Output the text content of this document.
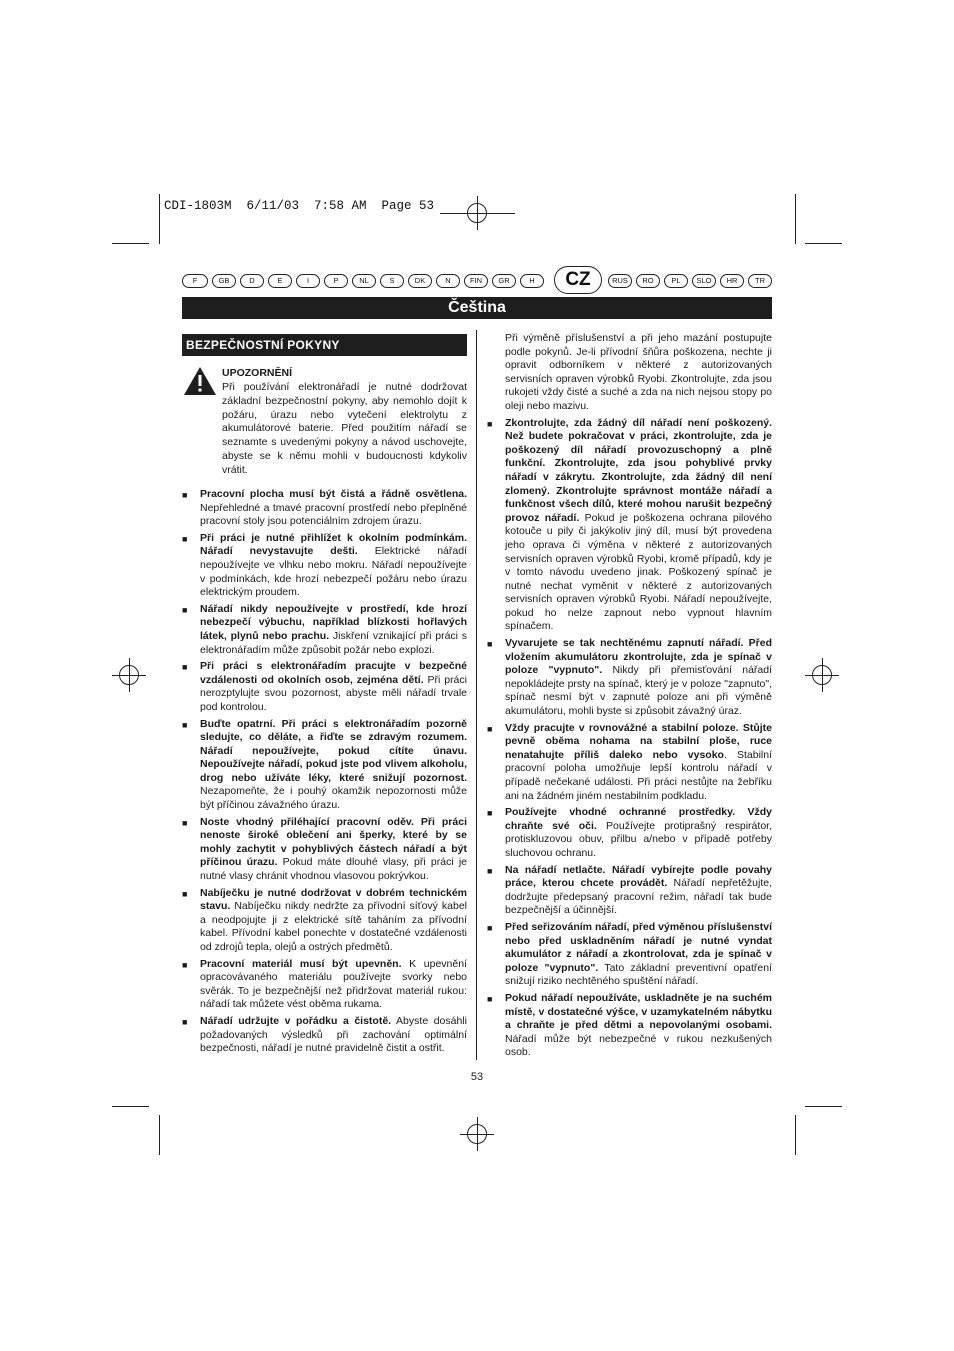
CDI-1803M  6/11/03  7:58 AM  Page 53
F	GB	D	E	I	P	NL	S	DK	N	FIN	GR	H	CZ	RUS	RO	PL	SLO	HR	TR
Čeština
BEZPEČNOSTNÍ POKYNY
UPOZORNĚNÍ
Při používání elektronářadí je nutné dodržovat základní bezpečnostní pokyny, aby nemohlo dojít k požáru, úrazu nebo vytečení elektrolytu z akumulátorové baterie. Před použitím nářadí se seznamte s uvedenými pokyny a návod uschovejte, abyste se k němu mohli v budoucnosti kdykoliv vrátit.
■ Pracovní plocha musí být čistá a řádně osvětlena. Nepřehledné a tmavé pracovní prostředí nebo přeplněné pracovní stoly jsou potenciálním zdrojem úrazu.
■ Při práci je nutné přihlížet k okolním podmínkám. Nářadí nevystavujte dešti. Elektrické nářadí nepoužívejte ve vlhku nebo mokru. Nářadí nepoužívejte v podmínkách, kde hrozí nebezpečí požáru nebo úrazu elektrickým proudem.
■ Nářadí nikdy nepoužívejte v prostředí, kde hrozí nebezpečí výbuchu, například blízkosti hořlavých látek, plynů nebo prachu. Jiskření vznikající při práci s elektronářadím může způsobit požár nebo explozi.
■ Při práci s elektronářadím pracujte v bezpečné vzdálenosti od okolních osob, zejména dětí. Při práci nerozptylujte svou pozornost, abyste měli nářadí trvale pod kontrolou.
■ Buďte opatrní. Při práci s elektronářadím pozorně sledujte, co děláte, a řiďte se zdravým rozumem. Nářadí nepoužívejte, pokud cítíte únavu. Nepoužívejte nářadí, pokud jste pod vlivem alkoholu, drog nebo užíváte léky, které snižují pozornost. Nezapomeňte, že i pouhý okamžik nepozornosti může být příčinou závažného úrazu.
■ Noste vhodný přiléhající pracovní oděv. Při práci nenoste široké oblečení ani šperky, které by se mohly zachytit v pohyblivých částech nářadí a být příčinou úrazu. Pokud máte dlouhé vlasy, při práci je nutné vlasy chránit vhodnou vlasovou pokrývkou.
■ Nabíječku je nutné dodržovat v dobrém technickém stavu. Nabíječku nikdy nedržte za přívodní síťový kabel a neodpojujte ji z elektrické sítě taháním za přívodní kabel. Přívodní kabel ponechte v dostatečné vzdálenosti od zdrojů tepla, olejů a ostrých předmětů.
■ Pracovní materiál musí být upevněn. K upevnění opracovávaného materiálu používejte svorky nebo svěrák. To je bezpečnější než přidržovat materiál rukou: nářadí tak můžete vést oběma rukama.
■ Nářadí udržujte v pořádku a čistotě. Abyste dosáhli požadovaných výsledků při zachování optimální bezpečnosti, nářadí je nutné pravidelně čistit a ostřit.
Při výměně příslušenství a při jeho mazání postupujte podle pokynů. Je-li přívodní šňůra poškozena, nechte ji opravit odborníkem v některé z autorizovaných servisních opraven výrobků Ryobi. Zkontrolujte, zda jsou rukojeti vždy čisté a suché a zda na nich nejsou stopy po oleji nebo mazivu.
■ Zkontrolujte, zda žádný díl nářadí není poškozený. Než budete pokračovat v práci, zkontrolujte, zda je poškozený díl nářadí provozuschopný a plně funkční. Zkontrolujte, zda jsou pohyblivé prvky nářadí v zákrytu. Zkontrolujte, zda žádný díl není zlomený. Zkontrolujte správnost montáže nářadí a funkčnost všech dílů, které mohou narušit bezpečný provoz nářadí. Pokud je poškozena ochrana pilového kotouče u pily či jakýkoliv jiný díl, musí být provedena jeho oprava či výměna v některé z autorizovaných servisních opraven výrobků Ryobi, kromě případů, kdy je v tomto návodu uvedeno jinak. Poškozený spínač je nutné nechat vyměnit v některé z autorizovaných servisních opraven výrobků Ryobi. Nářadí nepoužívejte, pokud ho nelze zapnout nebo vypnout hlavním spínačem.
■ Vyvarujete se tak nechtěnému zapnutí nářadí. Před vložením akumulátoru zkontrolujte, zda je spínač v poloze "vypnuto". Nikdy při přemisťování nářadí nepokládejte prsty na spínač, který je v poloze "zapnuto", spínač nesmí být v zapnuté poloze ani při výměně akumulátoru, mohli byste si způsobit závažný úraz.
■ Vždy pracujte v rovnovážné a stabilní poloze. Stůjte pevně oběma nohama na stabilní ploše, ruce nenatahujte příliš daleko nebo vysoko. Stabilní pracovní poloha umožňuje lepší kontrolu nářadí v případě nečekané události. Při práci nestůjte na žebříku ani na žádném jiném nestabilním podkladu.
■ Používejte vhodné ochranné prostředky. Vždy chraňte své oči. Používejte protiprašný respirátor, protiskluzovou obuv, přilbu a/nebo v případě potřeby sluchovou ochranu.
■ Na nářadí netlačte. Nářadí vybírejte podle povahy práce, kterou chcete provádět. Nářadí nepřetěžujte, dodržujte předepsaný pracovní režim, nářadí tak bude bezpečnější a účinnější.
■ Před seřizováním nářadí, před výměnou příslušenství nebo před uskladněním nářadí je nutné vyndat akumulátor z nářadí a zkontrolovat, zda je spínač v poloze "vypnuto". Tato základní preventivní opatření snižují riziko nechtěného spuštění nářadí.
■ Pokud nářadí nepoužíváte, uskladněte je na suchém místě, v dostatečné výšce, v uzamykatelném nábytku a chraňte je před dětmi a nepovolanými osobami. Nářadí může být nebezpečné v rukou nezkušených osob.
53
